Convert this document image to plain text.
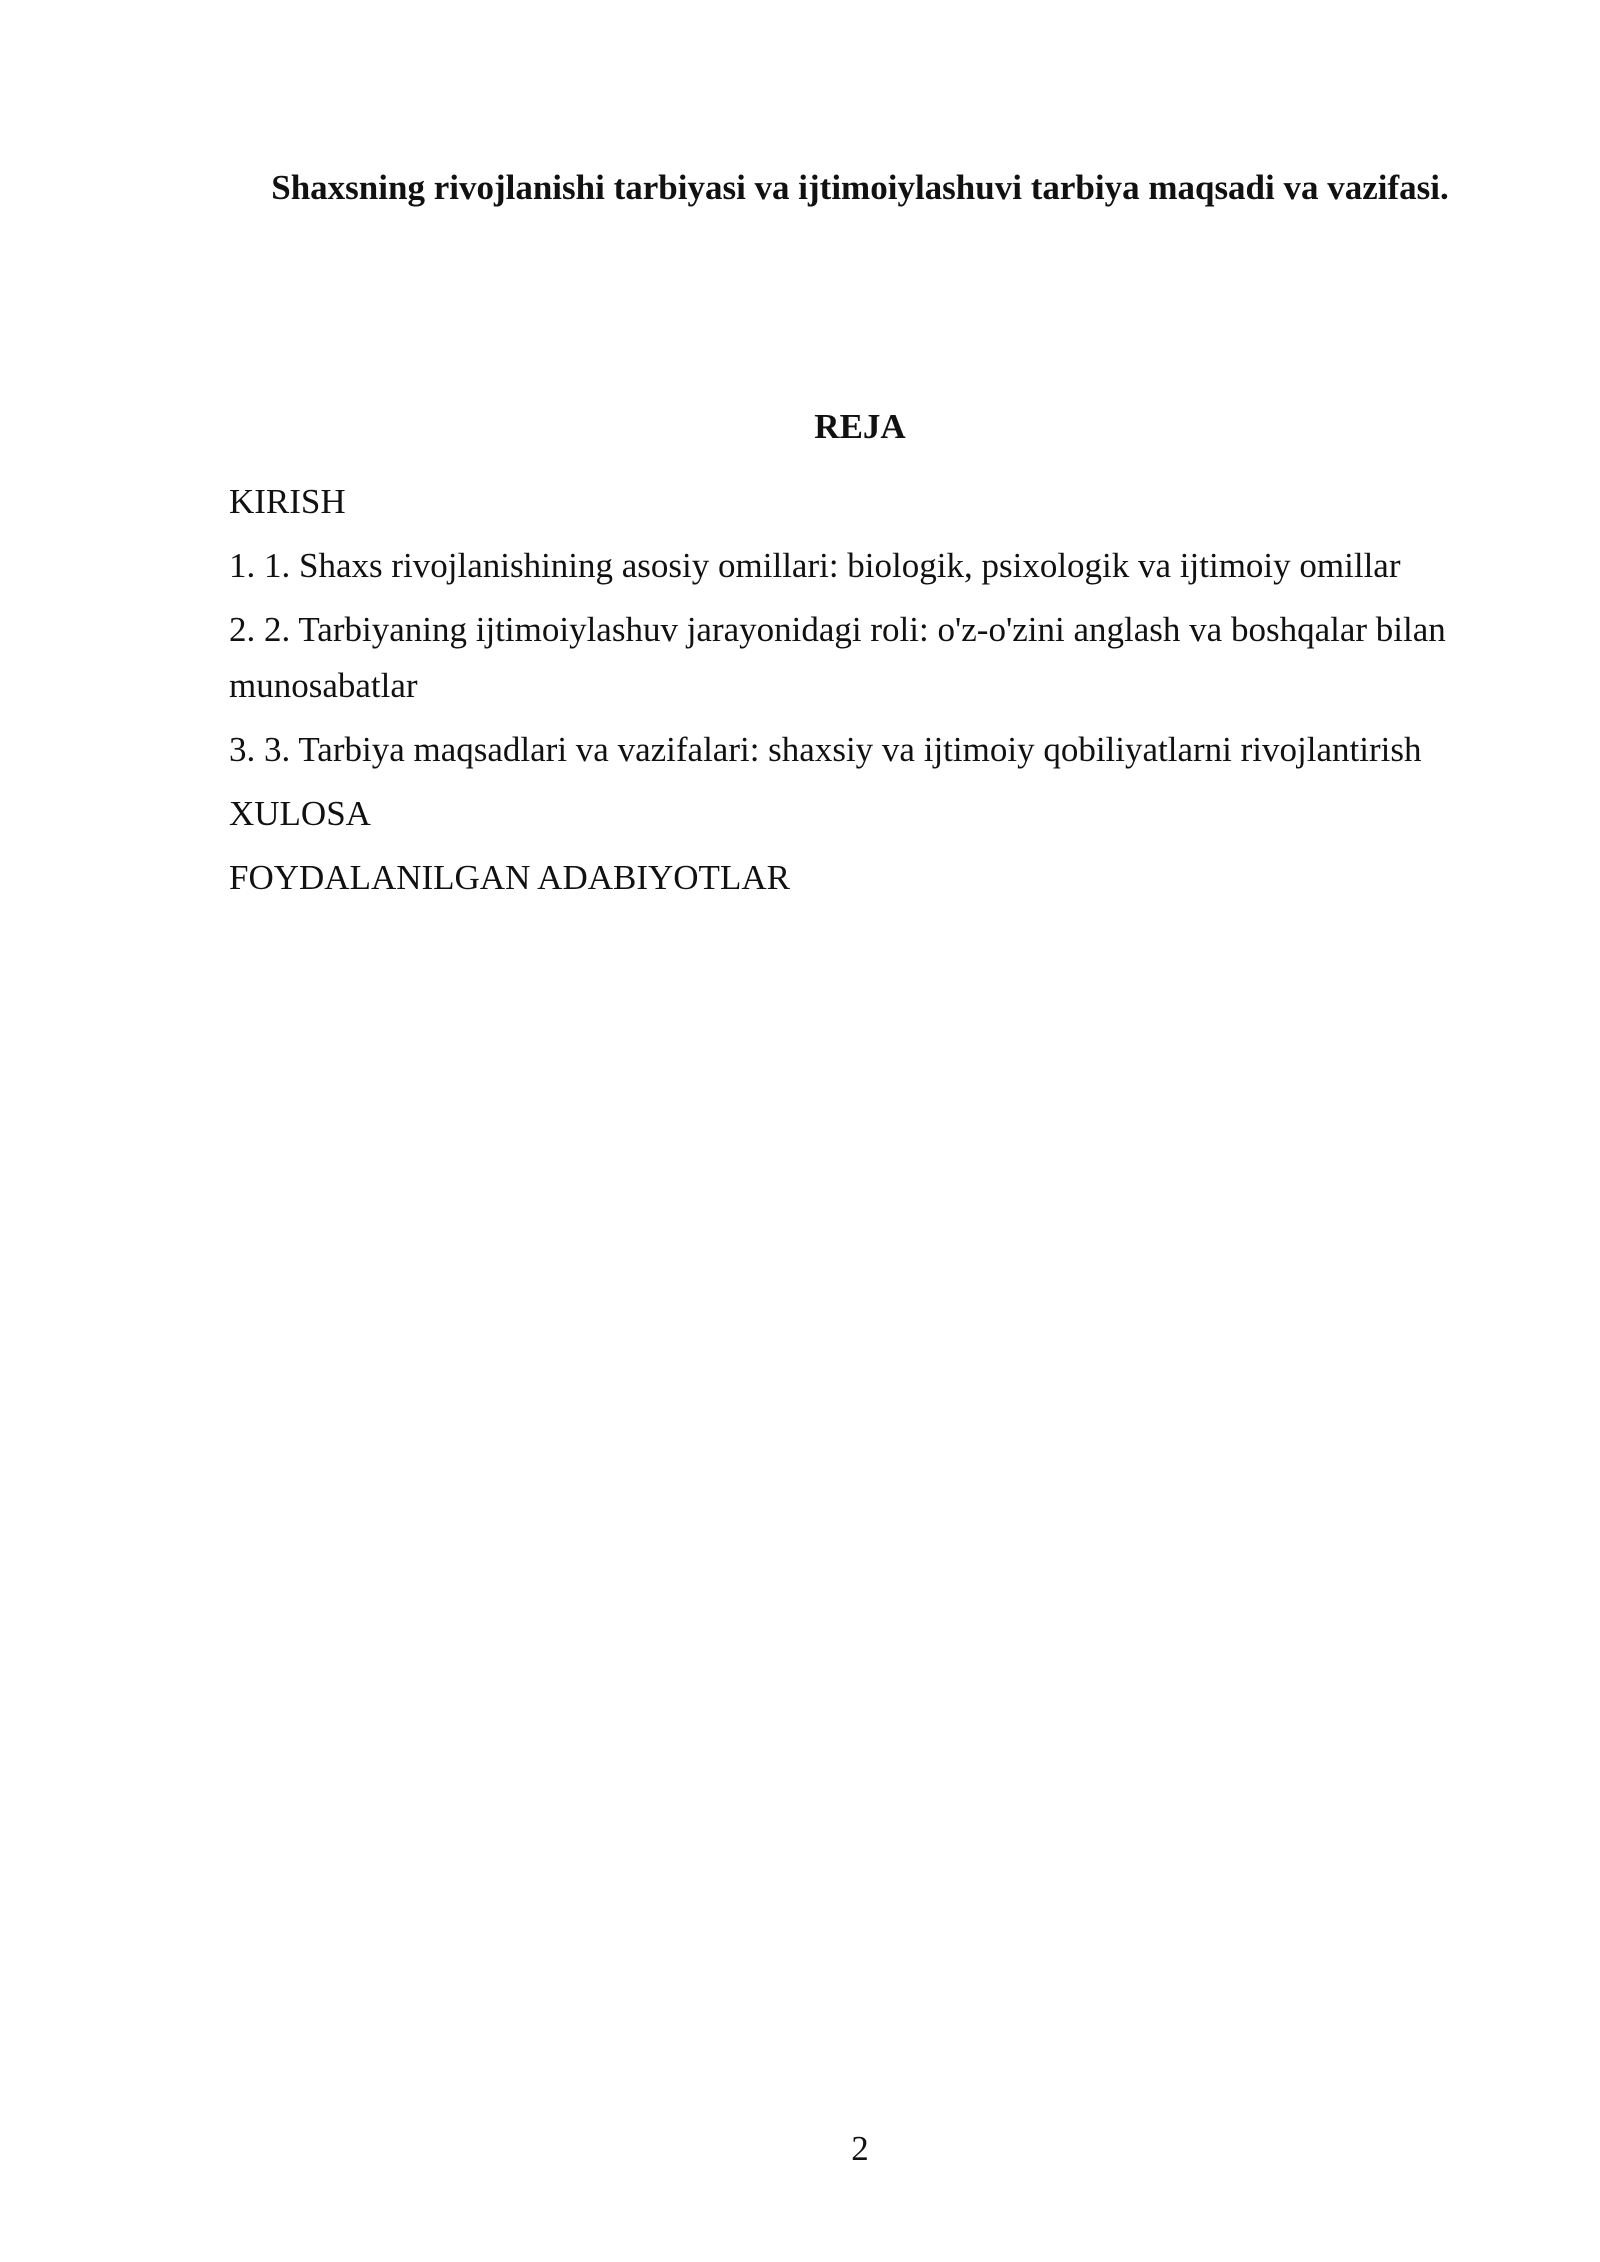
Shaxsning rivojlanishi tarbiyasi va ijtimoiylashuvi tarbiya maqsadi va vazifasi.
REJA

KIRISH

1. 1. Shaxs rivojlanishining asosiy omillari: biologik, psixologik va ijtimoiy omillar

2. 2. Tarbiyaning ijtimoiylashuv jarayonidagi roli: o'z-o'zini anglash va boshqalar bilan munosabatlar

3. 3. Tarbiya maqsadlari va vazifalari: shaxsiy va ijtimoiy qobiliyatlarni rivojlantirish

XULOSA

FOYDALANILGAN ADABIYOTLAR

2
